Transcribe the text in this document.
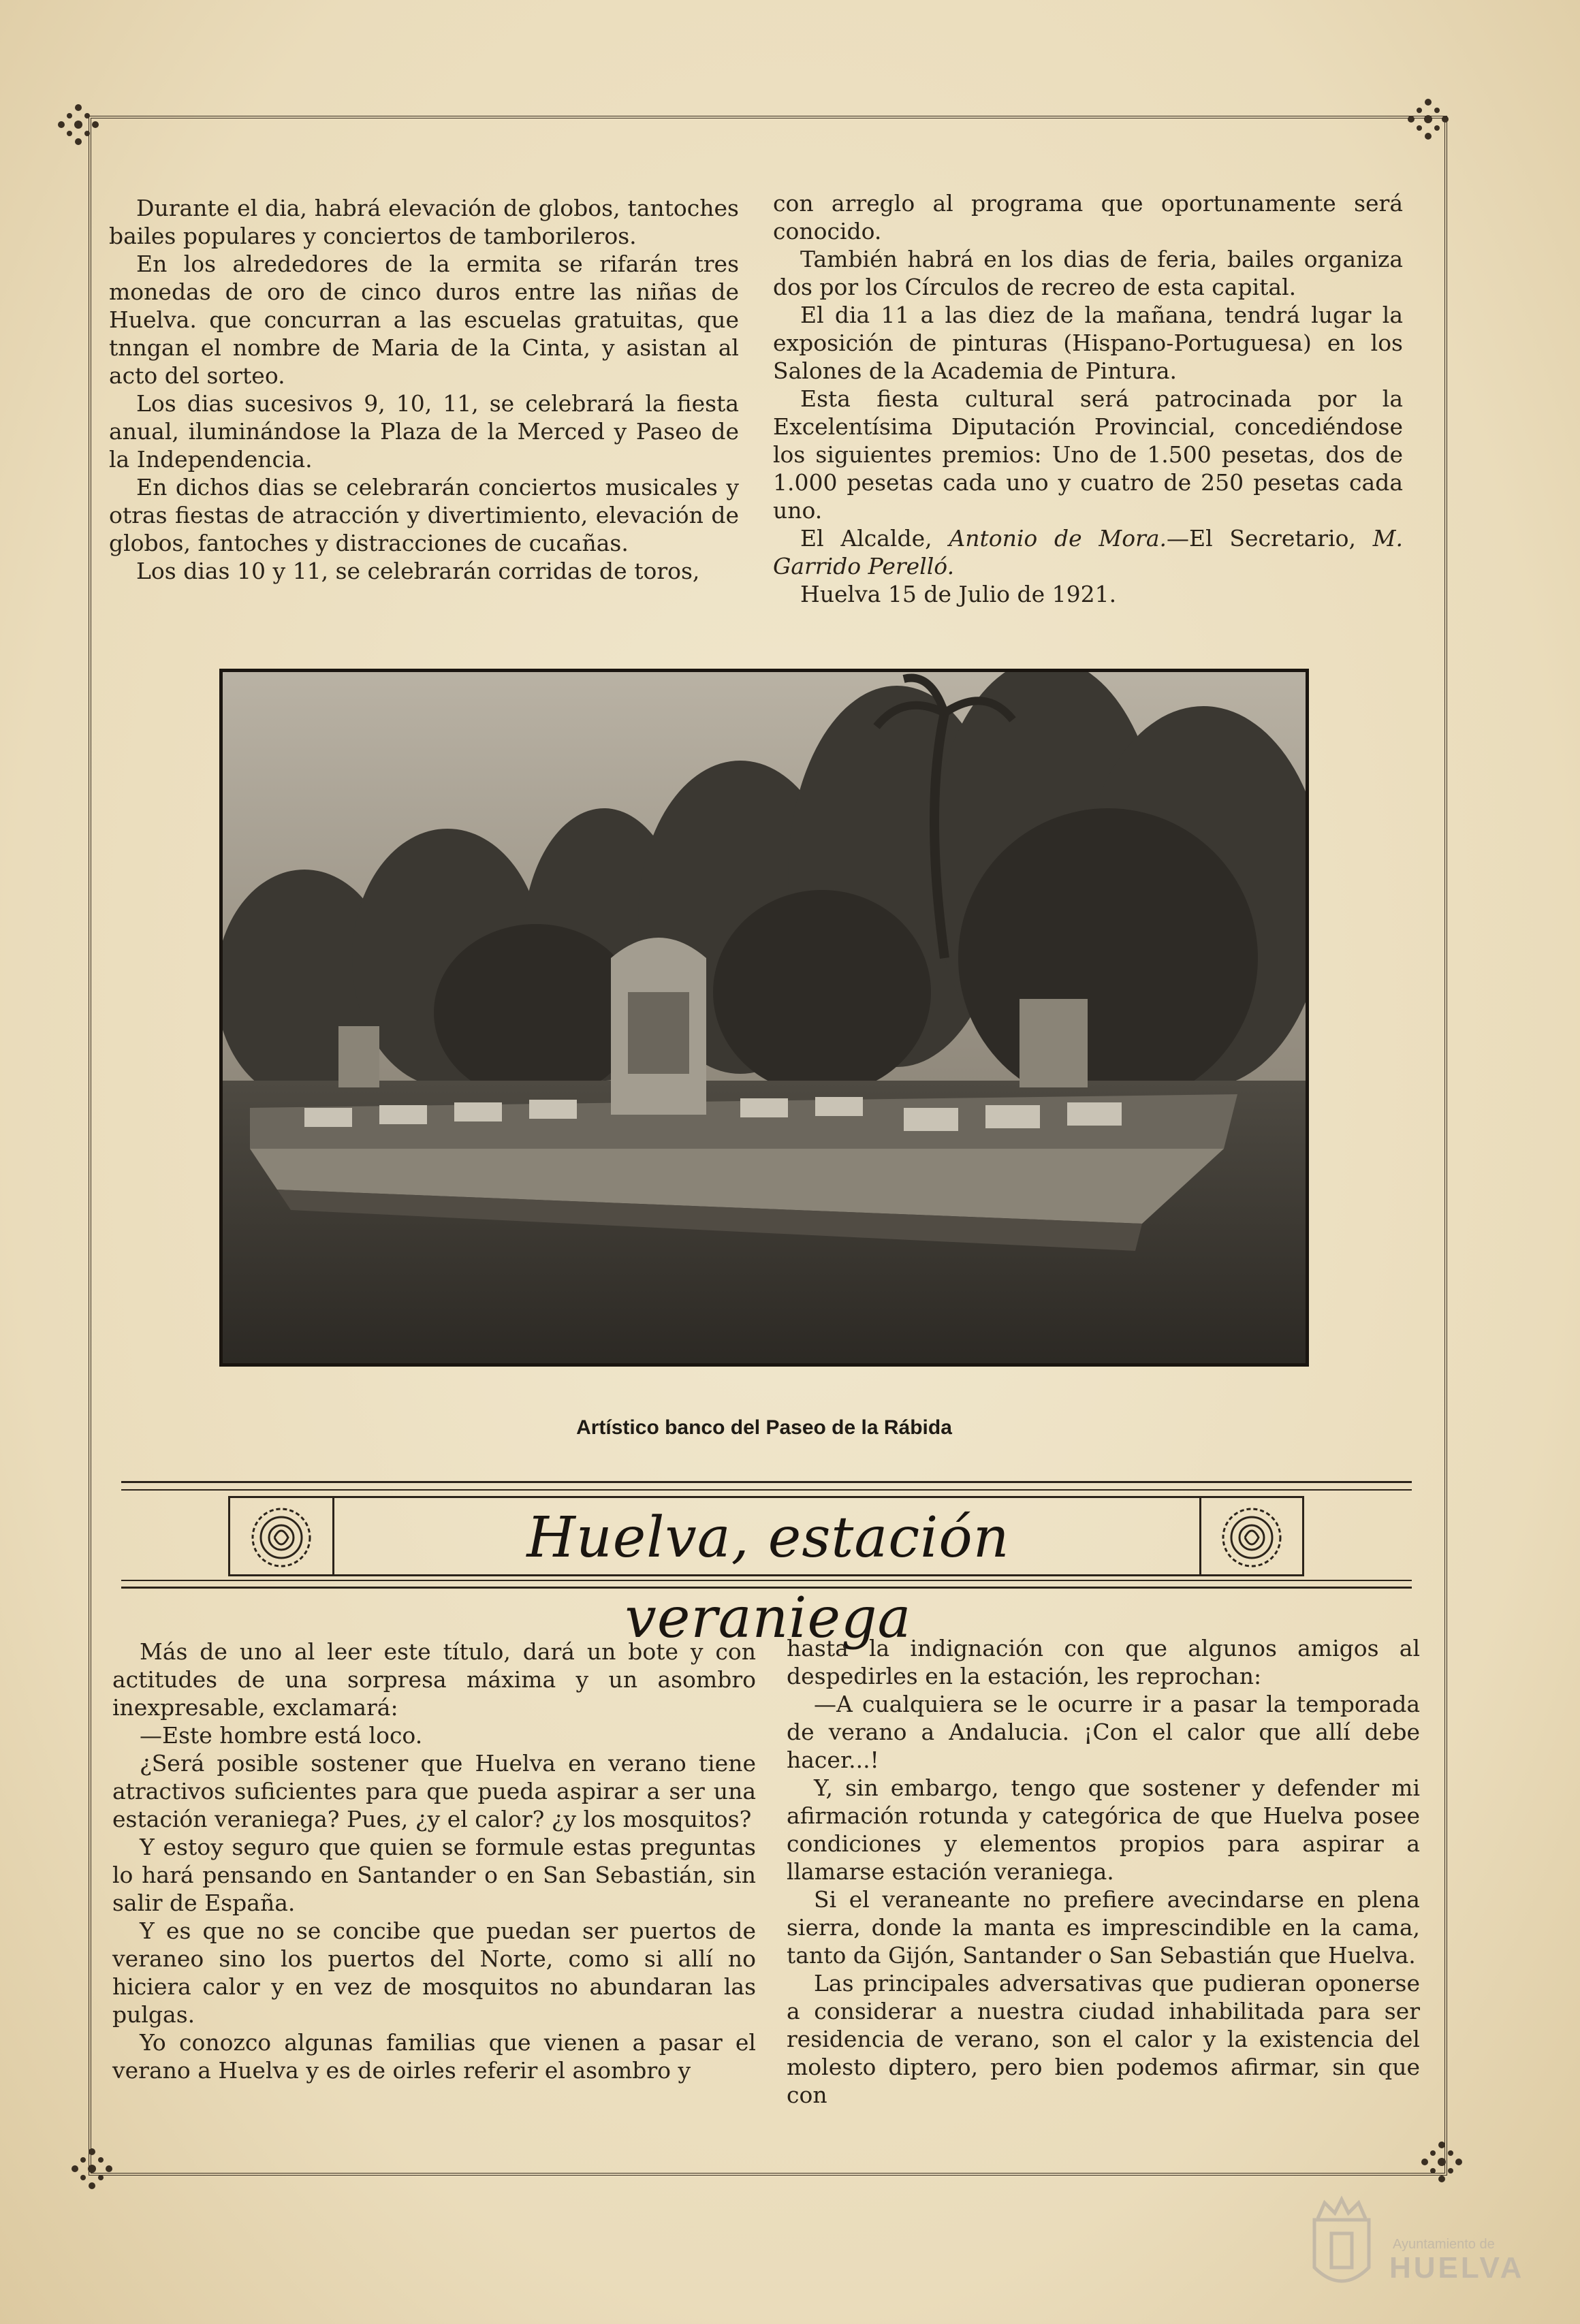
Durante el dia, habrá elevación de globos, tantoches bailes populares y conciertos de tamborileros.

En los alrededores de la ermita se rifarán tres monedas de oro de cinco duros entre las niñas de Huelva. que concurran a las escuelas gratuitas, que tnngan el nombre de Maria de la Cinta, y asistan al acto del sorteo.

Los dias sucesivos 9, 10, 11, se celebrará la fiesta anual, iluminándose la Plaza de la Merced y Paseo de la Independencia.

En dichos dias se celebrarán conciertos musicales y otras fiestas de atracción y divertimiento, elevación de globos, fantoches y distracciones de cucañas.

Los dias 10 y 11, se celebrarán corridas de toros,

con arreglo al programa que oportunamente será conocido.

También habrá en los dias de feria, bailes organiza dos por los Círculos de recreo de esta capital.

El dia 11 a las diez de la mañana, tendrá lugar la exposición de pinturas (Hispano-Portuguesa) en los Salones de la Academia de Pintura.

Esta fiesta cultural será patrocinada por la Excelentísima Diputación Provincial, concediéndose los siguientes premios: Uno de 1.500 pesetas, dos de 1.000 pesetas cada uno y cuatro de 250 pesetas cada uno.

El Alcalde, Antonio de Mora.—El Secretario, M. Garrido Perelló.

Huelva 15 de Julio de 1921.

Artístico banco del Paseo de la Rábida
Huelva, estación veraniega

Más de uno al leer este título, dará un bote y con actitudes de una sorpresa máxima y un asombro inexpresable, exclamará:

—Este hombre está loco.

¿Será posible sostener que Huelva en verano tiene atractivos suficientes para que pueda aspirar a ser una estación veraniega? Pues, ¿y el calor? ¿y los mosquitos?

Y estoy seguro que quien se formule estas preguntas lo hará pensando en Santander o en San Sebastián, sin salir de España.

Y es que no se concibe que puedan ser puertos de veraneo sino los puertos del Norte, como si allí no hiciera calor y en vez de mosquitos no abundaran las pulgas.

Yo conozco algunas familias que vienen a pasar el verano a Huelva y es de oirles referir el asombro y

hasta la indignación con que algunos amigos al despedirles en la estación, les reprochan:

—A cualquiera se le ocurre ir a pasar la temporada de verano a Andalucia. ¡Con el calor que allí debe hacer...!

Y, sin embargo, tengo que sostener y defender mi afirmación rotunda y categórica de que Huelva posee condiciones y elementos propios para aspirar a llamarse estación veraniega.

Si el veraneante no prefiere avecindarse en plena sierra, donde la manta es imprescindible en la cama, tanto da Gijón, Santander o San Sebastián que Huelva.

Las principales adversativas que pudieran oponerse a considerar a nuestra ciudad inhabilitada para ser residencia de verano, son el calor y la existencia del molesto diptero, pero bien podemos afirmar, sin que con

Ayuntamiento de
HUELVA
